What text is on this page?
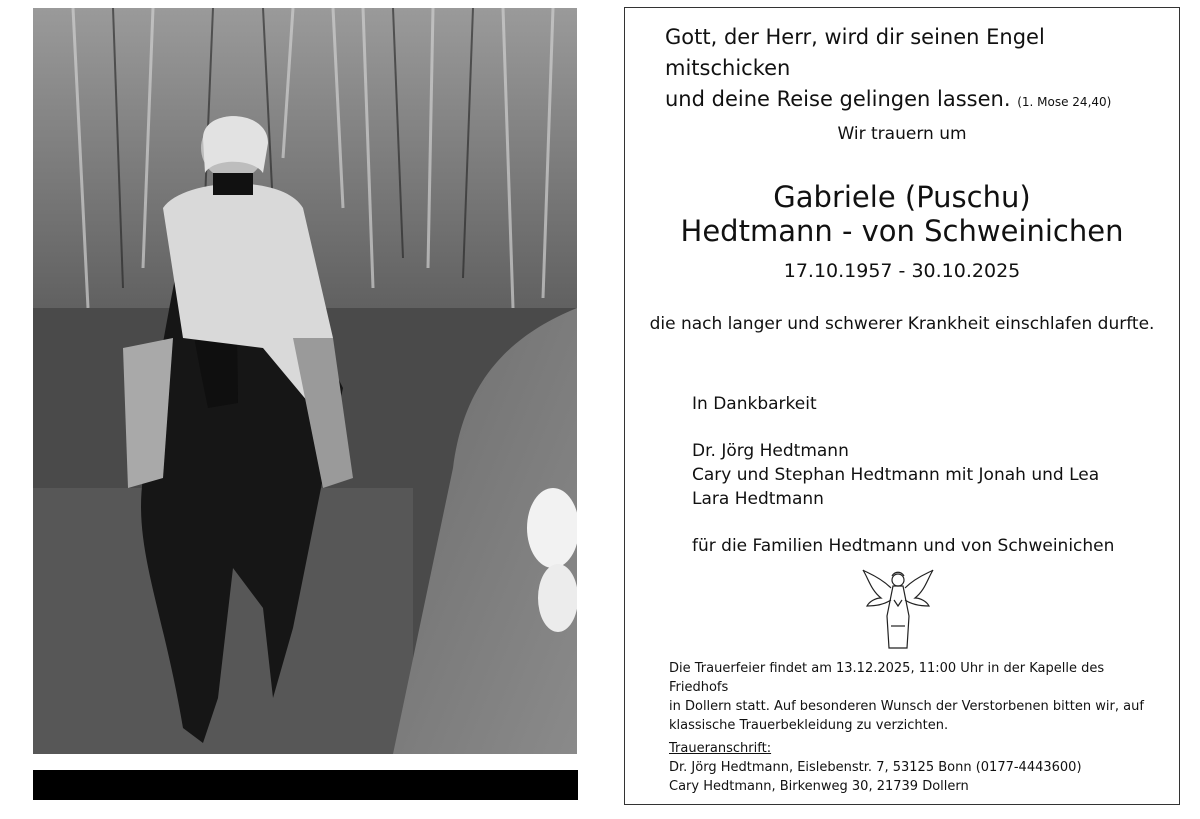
Gott, der Herr, wird dir seinen Engel mitschicken
und deine Reise gelingen lassen. (1. Mose 24,40)
Wir trauern um
Gabriele (Puschu)
Hedtmann - von Schweinichen
17.10.1957 - 30.10.2025
die nach langer und schwerer Krankheit einschlafen durfte.
In Dankbarkeit
Dr. Jörg Hedtmann
Cary und Stephan Hedtmann mit Jonah und Lea
Lara Hedtmann
für die Familien Hedtmann und von Schweinichen
Die Trauerfeier findet am 13.12.2025, 11:00 Uhr in der Kapelle des Friedhofs
in Dollern statt. Auf besonderen Wunsch der Verstorbenen bitten wir, auf
klassische Trauerbekleidung zu verzichten.
Traueranschrift:
Dr. Jörg Hedtmann, Eislebenstr. 7, 53125 Bonn (0177-4443600)
Cary Hedtmann, Birkenweg 30, 21739 Dollern
